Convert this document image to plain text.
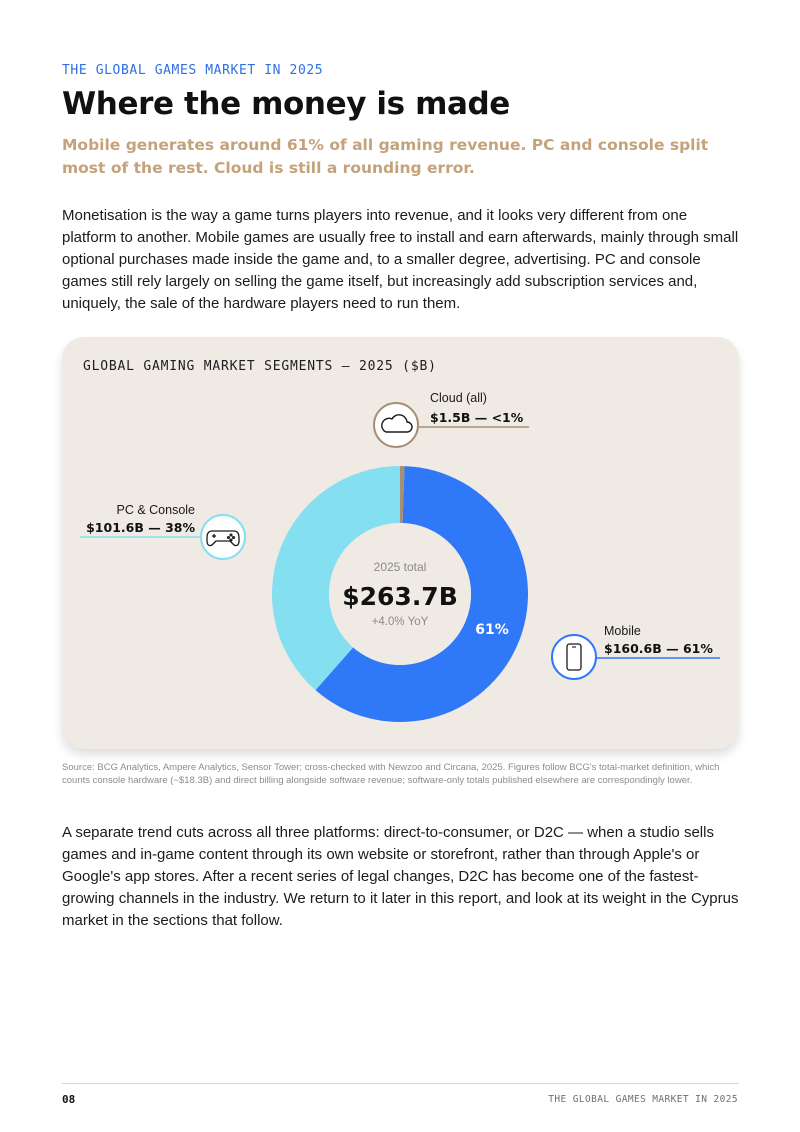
THE GLOBAL GAMES MARKET IN 2025
Where the money is made

Mobile generates around 61% of all gaming revenue. PC and console split most of the rest. Cloud is still a rounding error.

Monetisation is the way a game turns players into revenue, and it looks very different from one platform to another. Mobile games are usually free to install and earn afterwards, mainly through small optional purchases made inside the game and, to a smaller degree, advertising. PC and console games still rely largely on selling the game itself, but increasingly add subscription services and, uniquely, the sale of the hardware players need to run them.

GLOBAL GAMING MARKET SEGMENTS — 2025 ($B)
2025 total
$263.7B
+4.0% YoY	61%
Cloud (all)
$1.5B — <1%
PC & Console
$101.6B — 38%
Mobile
$160.6B — 61%

Source: BCG Analytics, Ampere Analytics, Sensor Tower; cross-checked with Newzoo and Circana, 2025. Figures follow BCG's total-market definition, which counts console hardware (~$18.3B) and direct billing alongside software revenue; software-only totals published elsewhere are correspondingly lower.

A separate trend cuts across all three platforms: direct-to-consumer, or D2C — when a studio sells games and in-game content through its own website or storefront, rather than through Apple's or Google's app stores. After a recent series of legal changes, D2C has become one of the fastest-growing channels in the industry. We return to it later in this report, and look at its weight in the Cyprus market in the sections that follow.

08	THE GLOBAL GAMES MARKET IN 2025
